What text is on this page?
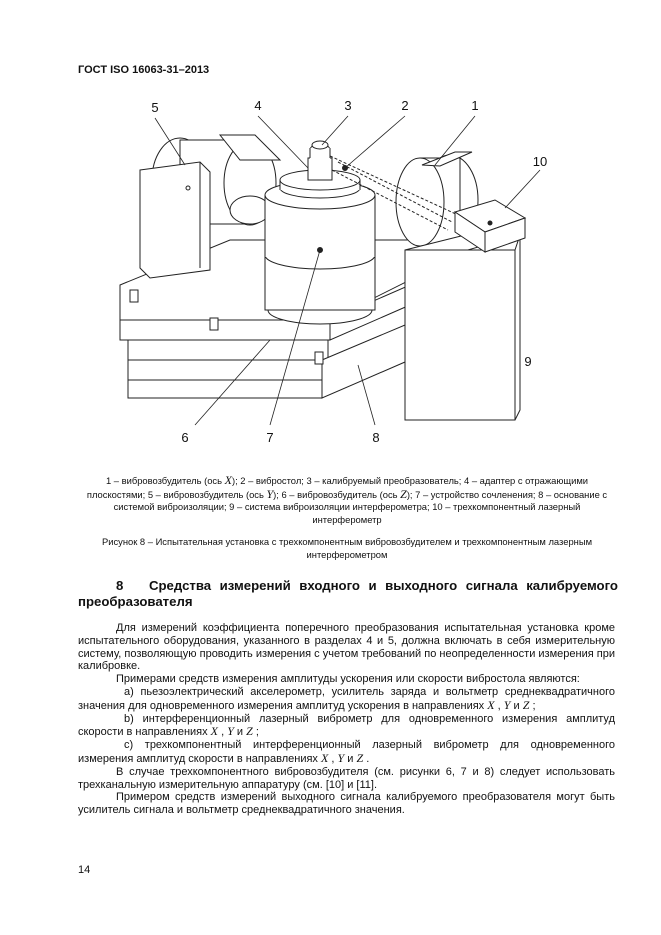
ГОСТ ISO 16063-31–2013
5	4	3	2	1
10
9
6	7	8
1 – вибровозбудитель (ось X); 2 – вибростол; 3 – калибруемый преобразователь; 4 – адаптер с отражающими плоскостями; 5 – вибровозбудитель (ось Y); 6 – вибровозбудитель (ось Z); 7 – устройство сочленения; 8 – основание с системой виброизоляции; 9 – система виброизоляции интерферометра; 10 – трехкомпонентный лазерный интерферометр
Рисунок 8 – Испытательная установка с трехкомпонентным вибровозбудителем и трехкомпонентным лазерным интерферометром
8 Средства измерений входного и выходного сигнала калибруемого преобразователя

Для измерений коэффициента поперечного преобразования испытательная установка кроме испытательного оборудования, указанного в разделах 4 и 5, должна включать в себя измерительную систему, позволяющую проводить измерения с учетом требований по неопределенности измерения при калибровке.

Примерами средств измерения амплитуды ускорения или скорости вибростола являются:

а) пьезоэлектрический акселерометр, усилитель заряда и вольтметр среднеквадратичного значения для одновременного измерения амплитуд ускорения в направлениях X , Y и Z ;

b) интерференционный лазерный виброметр для одновременного измерения амплитуд скорости в направлениях X , Y и Z ;

с) трехкомпонентный интерференционный лазерный виброметр для одновременного измерения амплитуд скорости в направлениях X , Y и Z .

В случае трехкомпонентного вибровозбудителя (см. рисунки 6, 7 и 8) следует использовать трехканальную измерительную аппаратуру (см. [10] и [11].

Примером средств измерений выходного сигнала калибруемого преобразователя могут быть усилитель сигнала и вольтметр среднеквадратичного значения.

14
